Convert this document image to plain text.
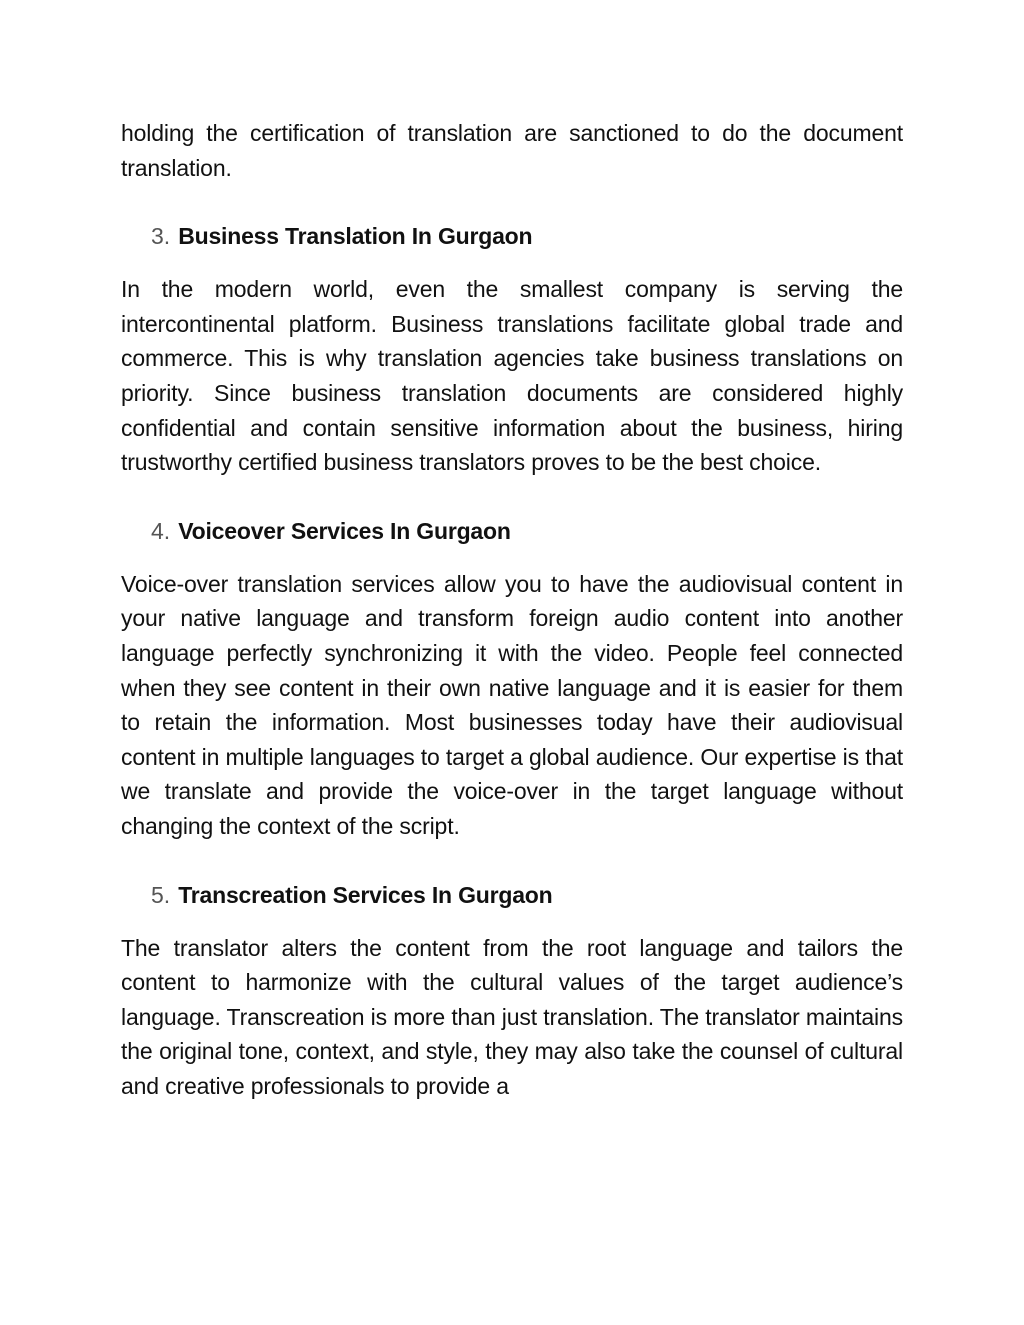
holding the certification of translation are sanctioned to do the document translation.

3. Business Translation In Gurgaon

In the modern world, even the smallest company is serving the intercontinental platform. Business translations facilitate global trade and commerce. This is why translation agencies take business translations on priority. Since business translation documents are considered highly confidential and contain sensitive information about the business, hiring trustworthy certified business translators proves to be the best choice.

4. Voiceover Services In Gurgaon

Voice-over translation services allow you to have the audiovisual content in your native language and transform foreign audio content into another language perfectly synchronizing it with the video. People feel connected when they see content in their own native language and it is easier for them to retain the information. Most businesses today have their audiovisual content in multiple languages to target a global audience. Our expertise is that we translate and provide the voice-over in the target language without changing the context of the script.

5. Transcreation Services In Gurgaon

The translator alters the content from the root language and tailors the content to harmonize with the cultural values of the target audience’s language. Transcreation is more than just translation. The translator maintains the original tone, context, and style, they may also take the counsel of cultural and creative professionals to provide a
